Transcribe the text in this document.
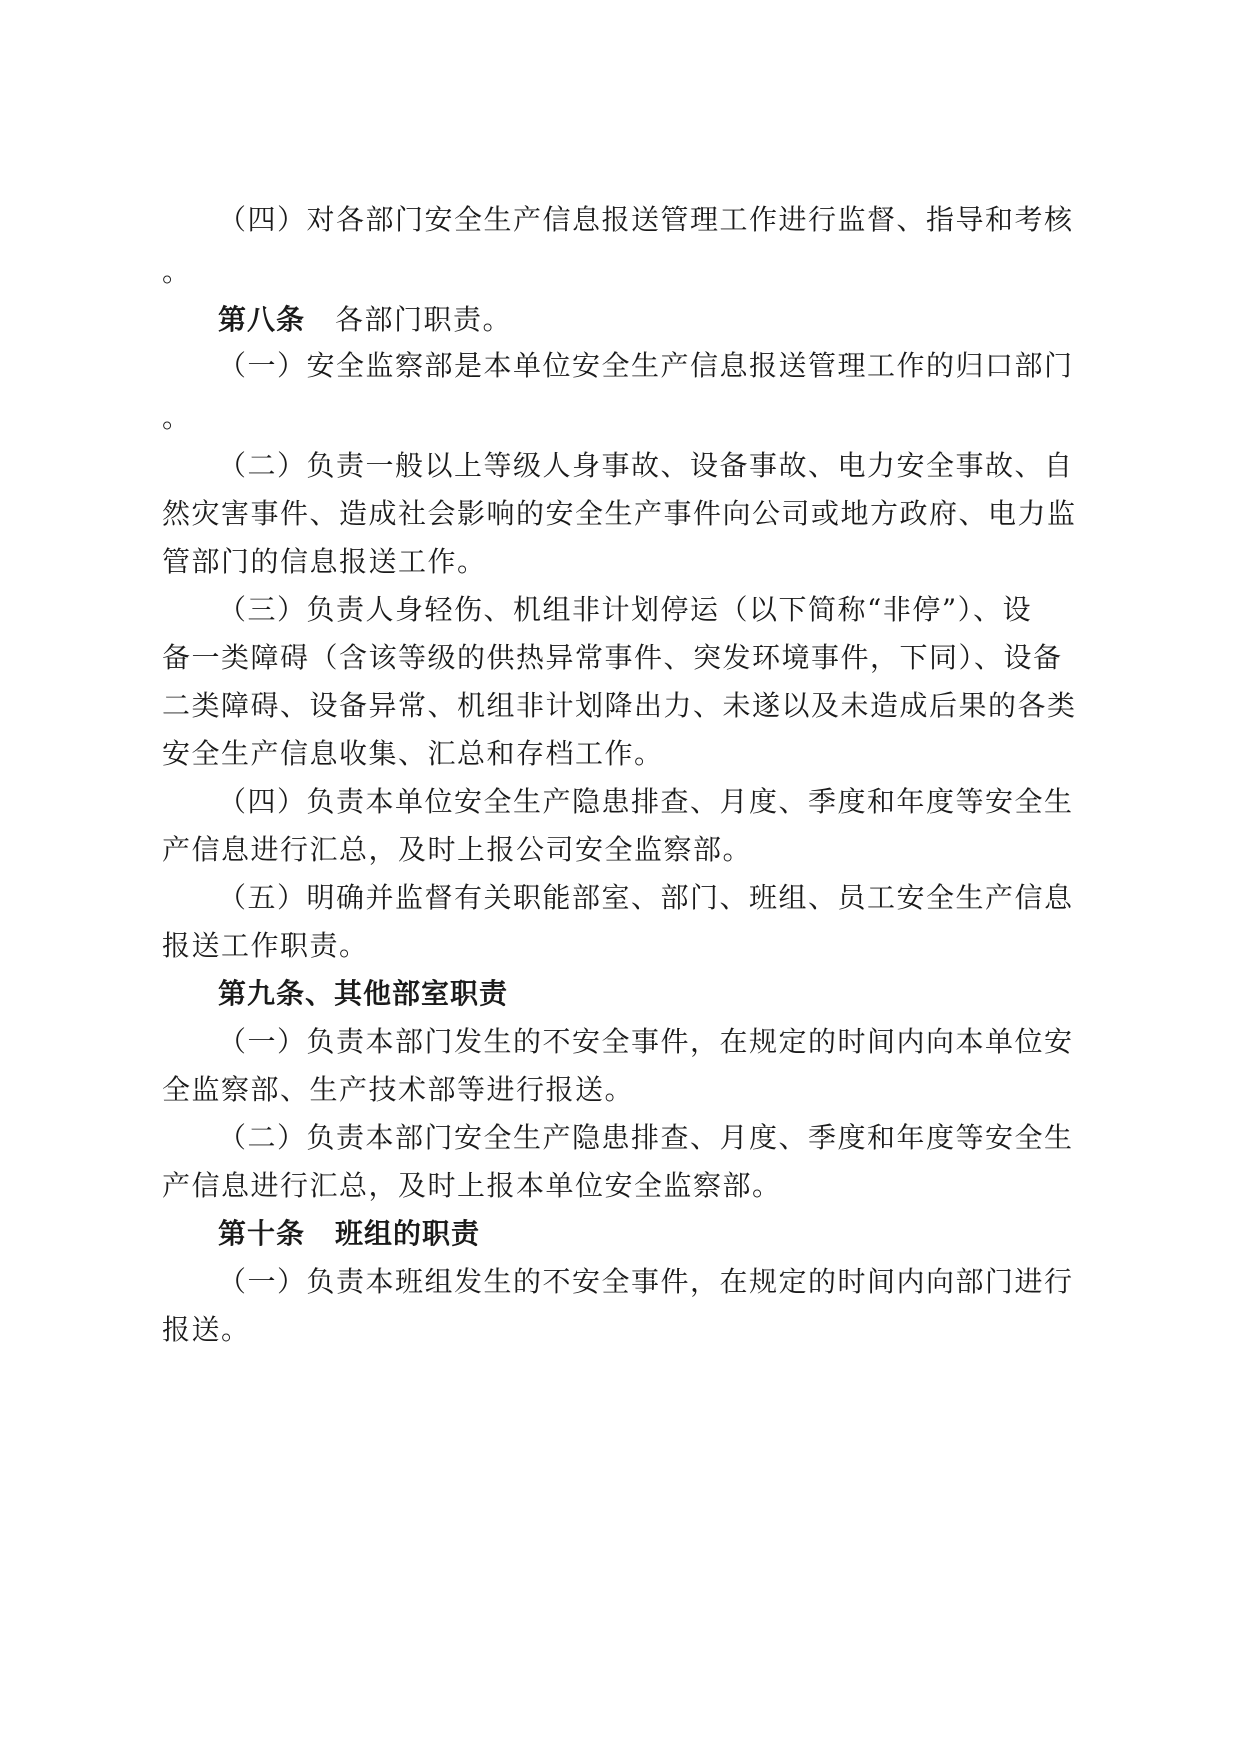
（四）对各部门安全生产信息报送管理工作进行监督、指导和考核
。
第八条 各部门职责。
（一）安全监察部是本单位安全生产信息报送管理工作的归口部门
。
（二）负责一般以上等级人身事故、设备事故、电力安全事故、自
然灾害事件、造成社会影响的安全生产事件向公司或地方政府、电力监
管部门的信息报送工作。
（三）负责人身轻伤、机组非计划停运（以下简称“非停”）、设
备一类障碍（含该等级的供热异常事件、突发环境事件，下同）、设备
二类障碍、设备异常、机组非计划降出力、未遂以及未造成后果的各类
安全生产信息收集、汇总和存档工作。
（四）负责本单位安全生产隐患排查、月度、季度和年度等安全生
产信息进行汇总，及时上报公司安全监察部。
（五）明确并监督有关职能部室、部门、班组、员工安全生产信息
报送工作职责。
第九条、其他部室职责
（一）负责本部门发生的不安全事件，在规定的时间内向本单位安
全监察部、生产技术部等进行报送。
（二）负责本部门安全生产隐患排查、月度、季度和年度等安全生
产信息进行汇总，及时上报本单位安全监察部。
第十条 班组的职责
（一）负责本班组发生的不安全事件，在规定的时间内向部门进行
报送。
